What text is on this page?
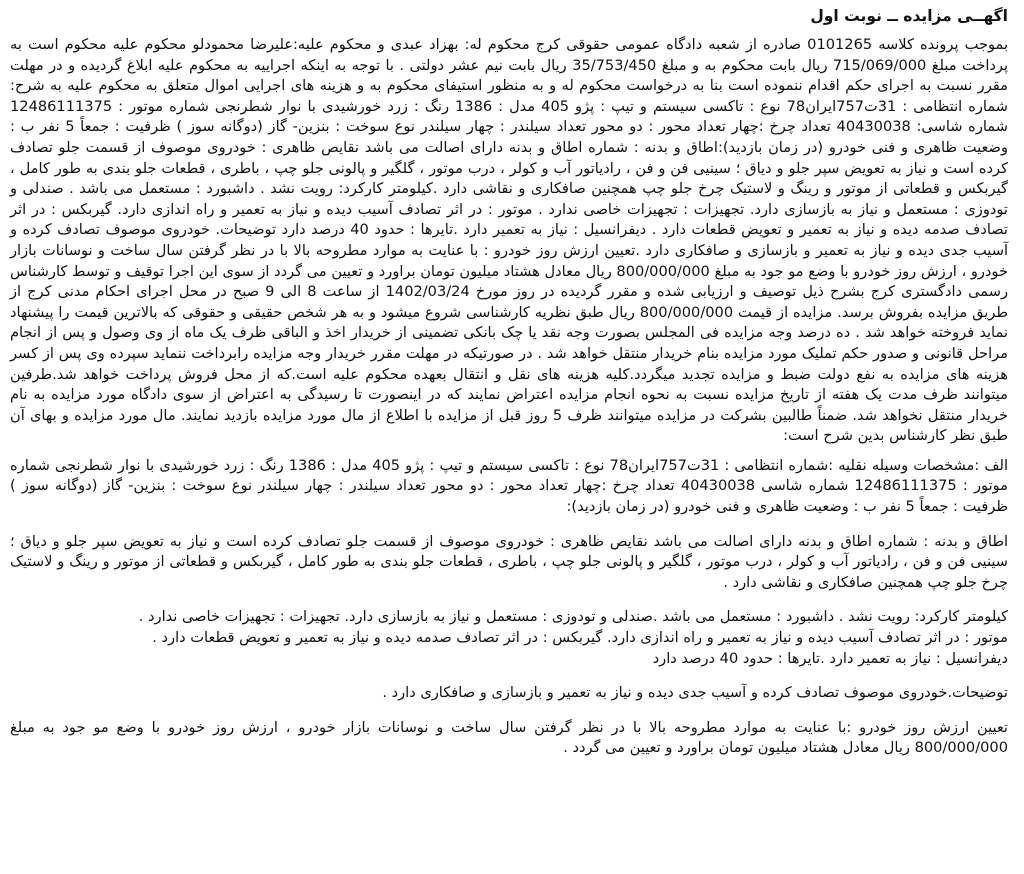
اگهــی مزایده ــ نوبت اول

بموجب پرونده کلاسه 0101265 صادره از شعبه دادگاه عمومی حقوقی کرج محکوم له: بهزاد عبدی و محکوم علیه:علیرضا محمودلو محکوم علیه محکوم است به پرداخت مبلغ 715/069/000 ریال بابت محکوم به و مبلغ 35/753/450 ریال بابت نیم عشر دولتی . با توجه به اینکه اجراییه به محکوم علیه ابلاغ گردیده و در مهلت مقرر نسبت به اجرای حکم اقدام ننموده است بنا به درخواست محکوم له و به منظور استیفای محکوم به و هزینه های اجرایی اموال متعلق به محکوم علیه به شرح: شماره انتظامی : 31ت757ایران78 نوع : تاکسی سیستم و تیپ : پژو 405 مدل : 1386 رنگ : زرد خورشیدی با نوار شطرنجی شماره موتور : 12486111375 شماره شاسی: 40430038 تعداد چرخ :چهار تعداد محور : دو محور تعداد سیلندر : چهار سیلندر نوع سوخت : بنزین- گاز (دوگانه سوز ) ظرفیت : جمعاً 5 نفر ب : وضعیت ظاهری و فنی خودرو (در زمان بازدید):اطاق و بدنه : شماره اطاق و بدنه دارای اصالت می باشد نقایص ظاهری : خودروی موصوف از قسمت جلو تصادف کرده است و نیاز به تعویض سپر جلو و دیاق ؛ سینیی فن و فن ، رادیاتور آب و کولر ، درب موتور ، گلگیر و پالونی جلو چپ ، باطری ، قطعات جلو بندی به طور کامل ، گیربکس و قطعاتی از موتور و رینگ و لاستیک چرخ جلو چپ همچنین صافکاری و نقاشی دارد .کیلومتر کارکرد: رویت نشد . داشبورد : مستعمل می باشد . صندلی و تودوزی : مستعمل و نیاز به بازسازی دارد. تجهیزات : تجهیزات خاصی ندارد . موتور : در اثر تصادف آسیب دیده و نیاز به تعمیر و راه اندازی دارد. گیربکس : در اثر تصادف صدمه دیده و نیاز به تعمیر و تعویض قطعات دارد . دیفرانسیل : نیاز به تعمیر دارد .تایرها : حدود 40 درصد دارد توضیحات. خودروی موصوف تصادف کرده و آسیب جدی دیده و نیاز به تعمیر و بازسازی و صافکاری دارد .تعیین ارزش روز خودرو : با عنایت به موارد مطروحه بالا با در نظر گرفتن سال ساخت و نوسانات بازار خودرو ، ارزش روز خودرو با وضع مو جود به مبلغ 800/000/000 ریال معادل هشتاد میلیون تومان براورد و تعیین می گردد از سوی این اجرا توقیف و توسط کارشناس رسمی دادگستری کرج بشرح ذیل توصیف و ارزیابی شده و مقرر گردیده در روز مورخ 1402/03/24 از ساعت 8 الی 9 صبح در محل اجرای احکام مدنی کرج از طریق مزایده بفروش برسد. مزایده از قیمت 800/000/000 ریال طبق نظریه کارشناسی شروع میشود و به هر شخص حقیقی و حقوقی که بالاترین قیمت را پیشنهاد نماید فروخته خواهد شد . ده درصد وجه مزایده فی المجلس بصورت وجه نقد یا چک بانکی تضمینی از خریدار اخذ و الباقی ظرف یک ماه از وی وصول و پس از انجام مراحل قانونی و صدور حکم تملیک مورد مزایده بنام خریدار منتقل خواهد شد . در صورتیکه در مهلت مقرر خریدار وجه مزایده رابرداخت ننماید سپرده وی پس از کسر هزینه های مزایده به نفع دولت ضبط و مزایده تجدید میگردد.کلیه هزینه های نقل و انتقال بعهده محکوم علیه است.که از محل فروش پرداخت خواهد شد.طرفین میتوانند ظرف مدت یک هفته از تاریخ مزایده نسبت به نحوه انجام مزایده اعتراض نمایند که در اینصورت تا رسیدگی به اعتراض از سوی دادگاه مورد مزایده به نام خریدار منتقل نخواهد شد. ضمناً طالبین بشرکت در مزایده میتوانند ظرف 5 روز قبل از مزایده با اطلاع از مال مورد مزایده بازدید نمایند. مال مورد مزایده و بهای آن طبق نظر کارشناس بدین شرح است:

الف :مشخصات وسیله نقلیه :شماره انتظامی : 31ت757ایران78 نوع : تاکسی سیستم و تیپ : پژو 405 مدل : 1386 رنگ : زرد خورشیدی با نوار شطرنجی شماره موتور : 12486111375 شماره شاسی 40430038 تعداد چرخ :چهار تعداد محور : دو محور تعداد سیلندر : چهار سیلندر نوع سوخت : بنزین- گاز (دوگانه سوز ) ظرفیت : جمعاً 5 نفر ب : وضعیت ظاهری و فنی خودرو (در زمان بازدید):

اطاق و بدنه : شماره اطاق و بدنه دارای اصالت می باشد نقایص ظاهری : خودروی موصوف از قسمت جلو تصادف کرده است و نیاز به تعویض سپر جلو و دیاق ؛ سینیی فن و فن ، رادیاتور آب و کولر ، درب موتور ، گلگیر و پالونی جلو چپ ، باطری ، قطعات جلو بندی به طور کامل ، گیربکس و قطعاتی از موتور و رینگ و لاستیک چرخ جلو چپ همچنین صافکاری و نقاشی دارد .

کیلومتر کارکرد: رویت نشد . داشبورد : مستعمل می باشد .صندلی و تودوزی : مستعمل و نیاز به بازسازی دارد. تجهیزات : تجهیزات خاصی ندارد .

موتور : در اثر تصادف آسیب دیده و نیاز به تعمیر و راه اندازی دارد. گیربکس : در اثر تصادف صدمه دیده و نیاز به تعمیر و تعویض قطعات دارد .

دیفرانسیل : نیاز به تعمیر دارد .تایرها : حدود 40 درصد دارد

توضیحات.خودروی موصوف تصادف کرده و آسیب جدی دیده و نیاز به تعمیر و بازسازی و صافکاری دارد .

تعیین ارزش روز خودرو :با عنایت به موارد مطروحه بالا با در نظر گرفتن سال ساخت و نوسانات بازار خودرو ، ارزش روز خودرو با وضع مو جود به مبلغ 800/000/000 ریال معادل هشتاد میلیون تومان براورد و تعیین می گردد .
